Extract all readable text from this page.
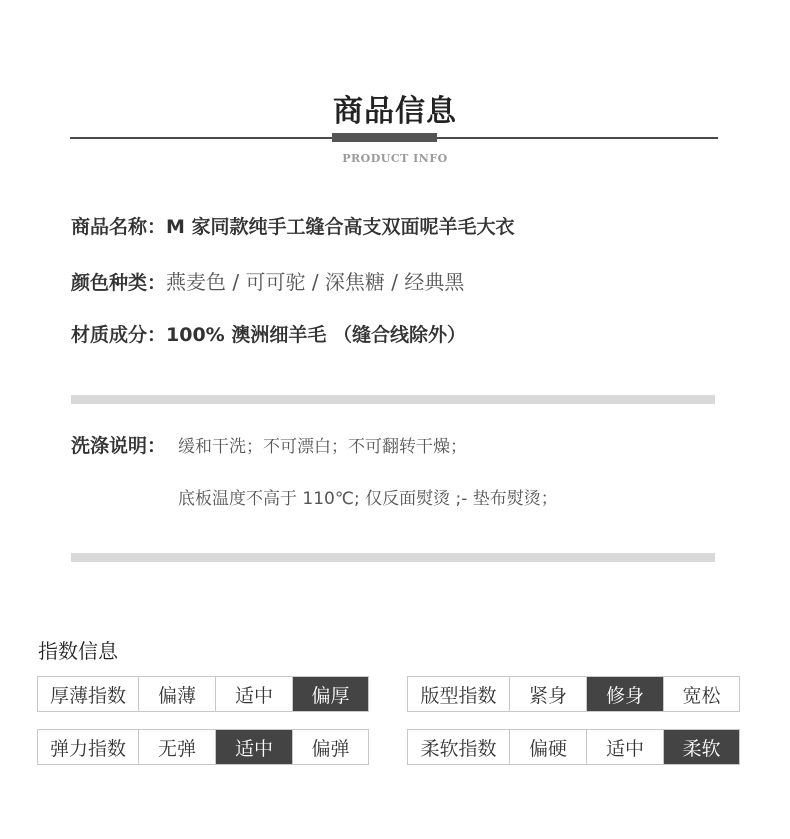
商品信息
PRODUCT INFO
商品名称：M 家同款纯手工缝合高支双面呢羊毛大衣
颜色种类：燕麦色 / 可可驼 / 深焦糖 / 经典黑
材质成分：100% 澳洲细羊毛 （缝合线除外）
洗涤说明： 缓和干洗；不可漂白；不可翻转干燥；
底板温度不高于 110℃; 仅反面熨烫 ;- 垫布熨烫；
指数信息
厚薄指数	偏薄	适中	偏厚	版型指数	紧身	修身	宽松
弹力指数	无弹	适中	偏弹	柔软指数	偏硬	适中	柔软
